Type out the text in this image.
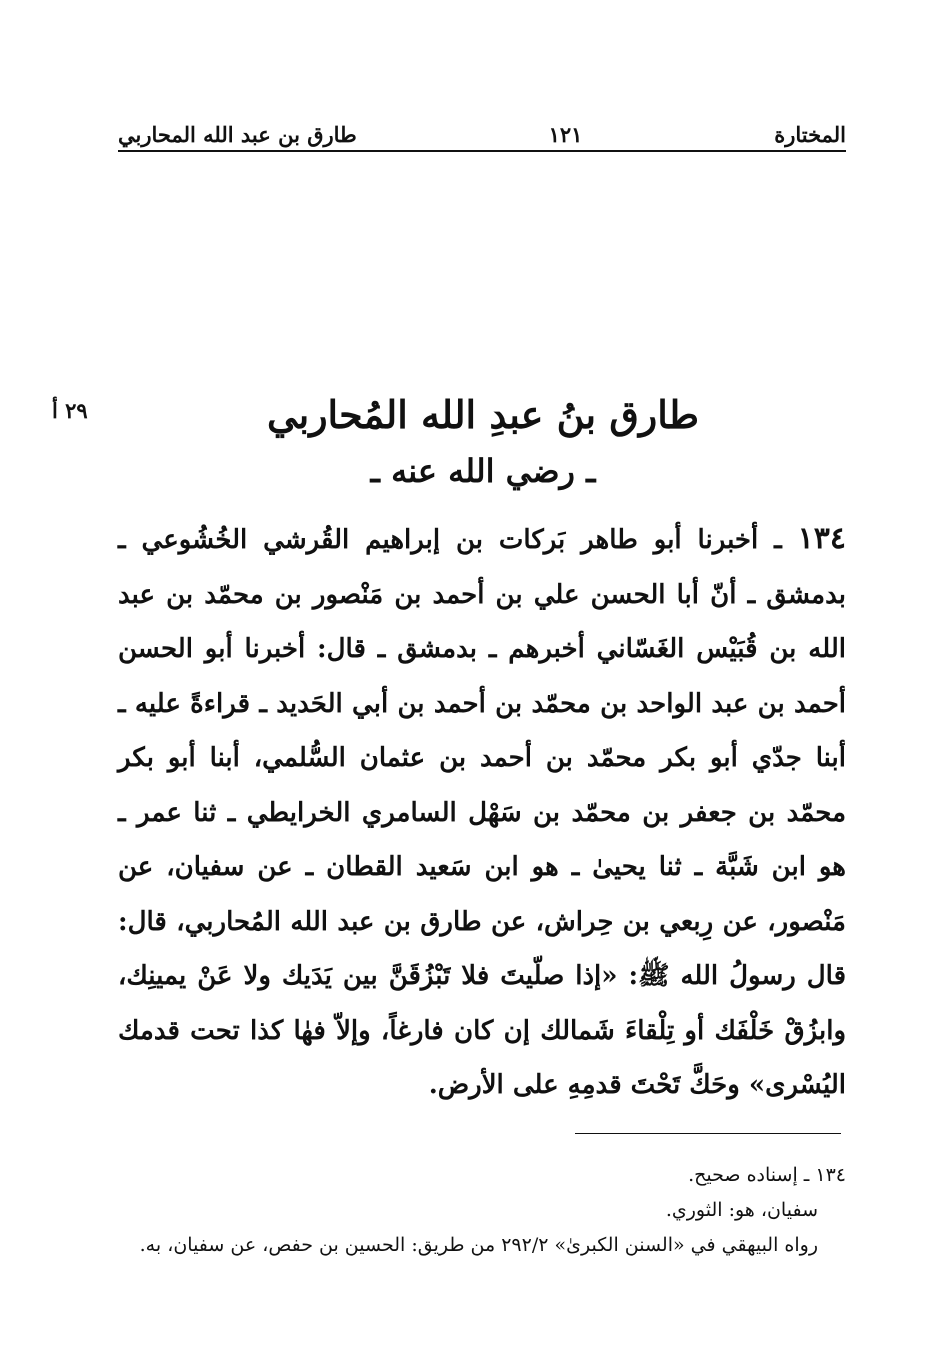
المختارة
١٢١
طارق بن عبد الله المحاربي
٢٩ أ	طارق بنُ عبدِ الله المُحاربي
ـ رضي الله عنه ـ
١٣٤ ـ أخبرنا أبو طاهر بَركات بن إبراهيم القُرشي الخُشُوعي ـ بدمشق ـ أنّ أبا الحسن علي بن أحمد بن مَنْصور بن محمّد بن عبد الله بن قُبَيْس الغَسّاني أخبرهم ـ بدمشق ـ قال: أخبرنا أبو الحسن أحمد بن عبد الواحد بن محمّد بن أحمد بن أبي الحَديد ـ قراءةً عليه ـ أبنا جدّي أبو بكر محمّد بن أحمد بن عثمان السُّلمي، أبنا أبو بكر محمّد بن جعفر بن محمّد بن سَهْل السامري الخرايطي ـ ثنا عمر ـ هو ابن شَبَّة ـ ثنا يحيىٰ ـ هو ابن سَعيد القطان ـ عن سفيان، عن مَنْصور، عن رِبعي بن حِراش، عن طارق بن عبد الله المُحاربي، قال: قال رسولُ الله ﷺ: «إذا صلّيتَ فلا تَبْزُقَنَّ بين يَدَيك ولا عَنْ يمينِك، وابزُقْ خَلْفَك أو تِلْقاءَ شَمالك إن كان فارغاً، وإلاّ فهٰا كذا تحت قدمك اليُسْرى» وحَكَّ تَحْتَ قدمِهِ على الأرض.

١٣٤ ـ إسناده صحيح.

سفيان، هو: الثوري.

رواه البيهقي في «السنن الكبرىٰ» ٢٩٢/٢ من طريق: الحسين بن حفص، عن سفيان، به.
